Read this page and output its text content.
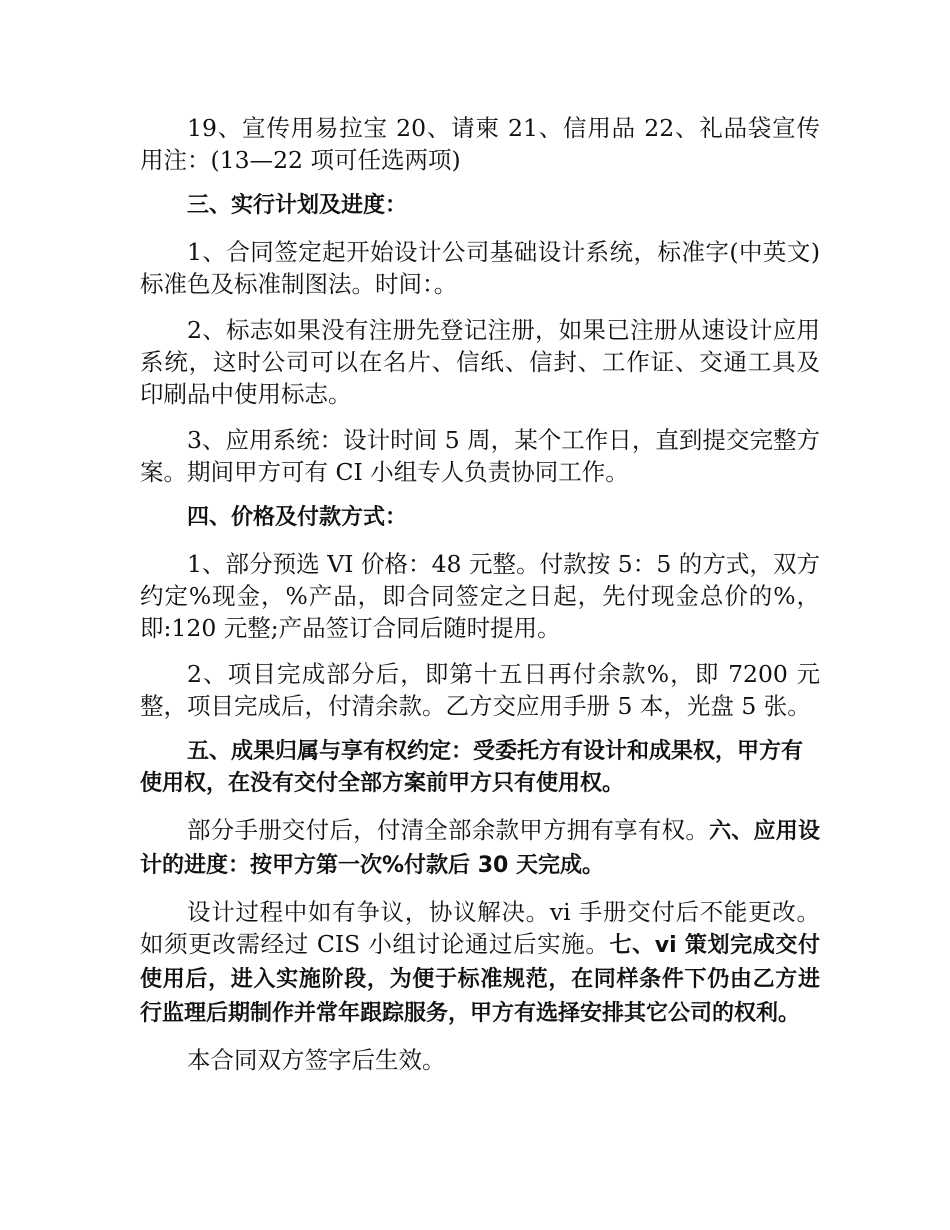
19、宣传用易拉宝 20、请柬 21、信用品 22、礼品袋宣传用注：(13—22 项可任选两项)

三、实行计划及进度：

1、合同签定起开始设计公司基础设计系统，标准字(中英文)标准色及标准制图法。时间：。

2、标志如果没有注册先登记注册，如果已注册从速设计应用系统，这时公司可以在名片、信纸、信封、工作证、交通工具及印刷品中使用标志。

3、应用系统：设计时间 5 周，某个工作日，直到提交完整方案。期间甲方可有 CI 小组专人负责协同工作。

四、价格及付款方式：

1、部分预选 VI 价格：48 元整。付款按 5：5 的方式，双方约定%现金，%产品，即合同签定之日起，先付现金总价的%，即:120 元整;产品签订合同后随时提用。

2、项目完成部分后，即第十五日再付余款%，即 7200 元整，项目完成后，付清余款。乙方交应用手册 5 本，光盘 5 张。

五、成果归属与享有权约定：受委托方有设计和成果权，甲方有使用权，在没有交付全部方案前甲方只有使用权。

部分手册交付后，付清全部余款甲方拥有享有权。六、应用设计的进度：按甲方第一次%付款后 30 天完成。

设计过程中如有争议，协议解决。vi 手册交付后不能更改。如须更改需经过 CIS 小组讨论通过后实施。七、vi 策划完成交付使用后，进入实施阶段，为便于标准规范，在同样条件下仍由乙方进行监理后期制作并常年跟踪服务，甲方有选择安排其它公司的权利。

本合同双方签字后生效。
